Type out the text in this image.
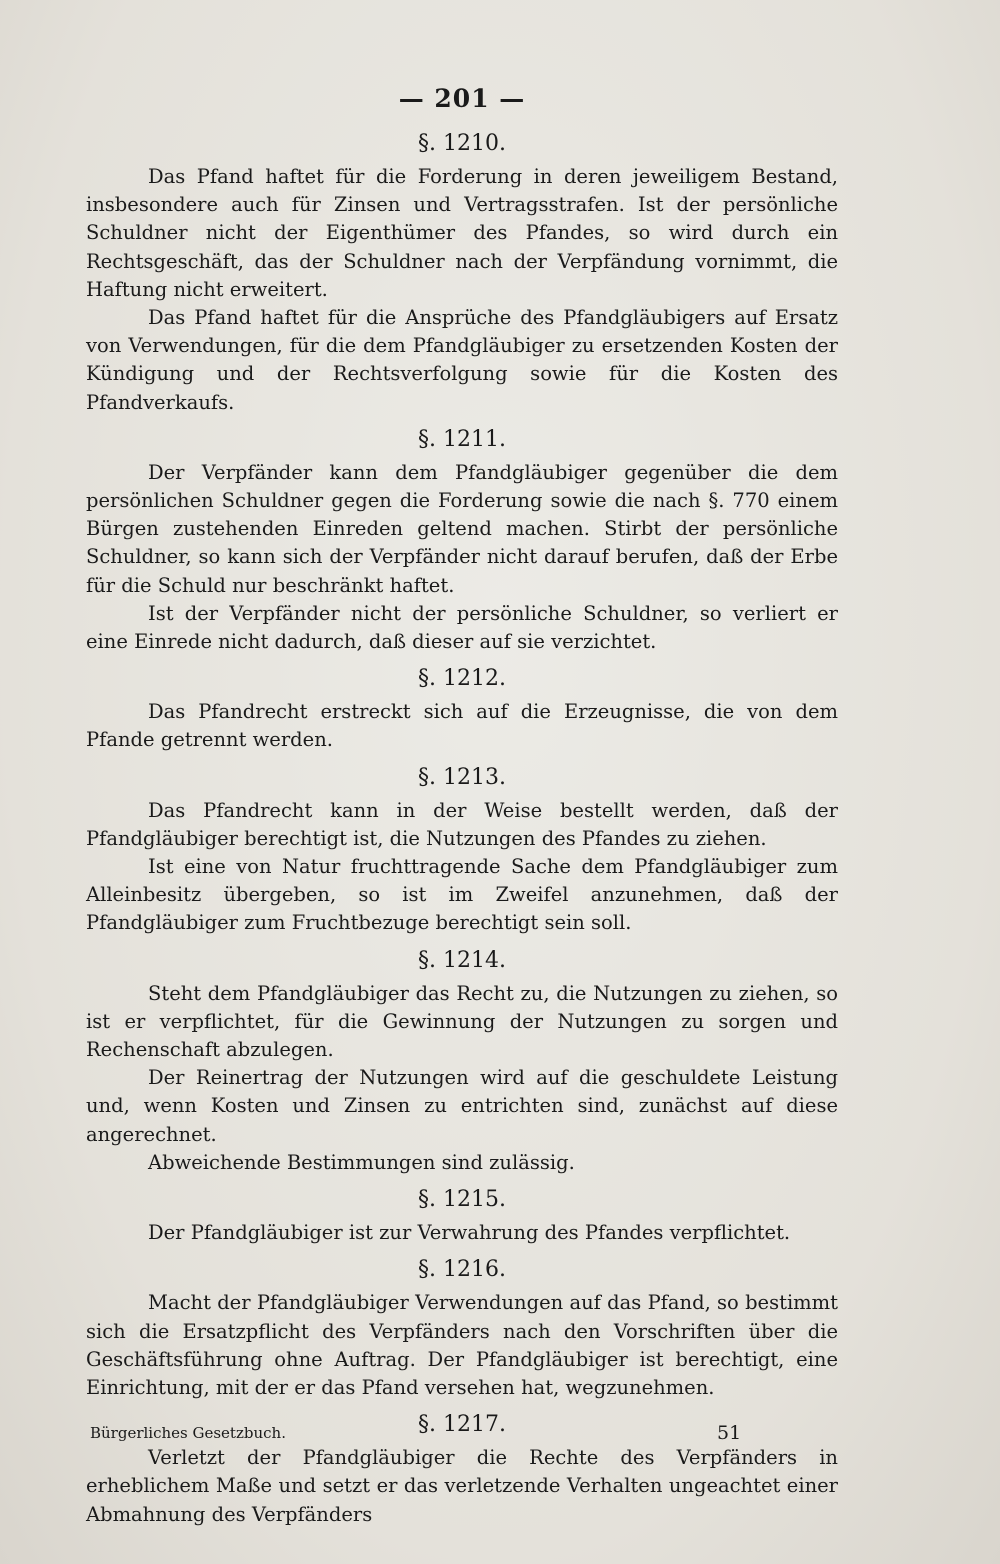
— 201 —
§. 1210.

Das Pfand haftet für die Forderung in deren jeweiligem Bestand, insbesondere auch für Zinsen und Vertragsstrafen. Ist der persönliche Schuldner nicht der Eigenthümer des Pfandes, so wird durch ein Rechtsgeschäft, das der Schuldner nach der Verpfändung vornimmt, die Haftung nicht erweitert.

Das Pfand haftet für die Ansprüche des Pfandgläubigers auf Ersatz von Verwendungen, für die dem Pfandgläubiger zu ersetzenden Kosten der Kündigung und der Rechtsverfolgung sowie für die Kosten des Pfandverkaufs.

§. 1211.

Der Verpfänder kann dem Pfandgläubiger gegenüber die dem persönlichen Schuldner gegen die Forderung sowie die nach §. 770 einem Bürgen zustehenden Einreden geltend machen. Stirbt der persönliche Schuldner, so kann sich der Verpfänder nicht darauf berufen, daß der Erbe für die Schuld nur beschränkt haftet.

Ist der Verpfänder nicht der persönliche Schuldner, so verliert er eine Einrede nicht dadurch, daß dieser auf sie verzichtet.

§. 1212.

Das Pfandrecht erstreckt sich auf die Erzeugnisse, die von dem Pfande getrennt werden.

§. 1213.

Das Pfandrecht kann in der Weise bestellt werden, daß der Pfandgläubiger berechtigt ist, die Nutzungen des Pfandes zu ziehen.

Ist eine von Natur fruchttragende Sache dem Pfandgläubiger zum Alleinbesitz übergeben, so ist im Zweifel anzunehmen, daß der Pfandgläubiger zum Fruchtbezuge berechtigt sein soll.

§. 1214.

Steht dem Pfandgläubiger das Recht zu, die Nutzungen zu ziehen, so ist er verpflichtet, für die Gewinnung der Nutzungen zu sorgen und Rechenschaft abzulegen.

Der Reinertrag der Nutzungen wird auf die geschuldete Leistung und, wenn Kosten und Zinsen zu entrichten sind, zunächst auf diese angerechnet.

Abweichende Bestimmungen sind zulässig.

§. 1215.

Der Pfandgläubiger ist zur Verwahrung des Pfandes verpflichtet.

§. 1216.

Macht der Pfandgläubiger Verwendungen auf das Pfand, so bestimmt sich die Ersatzpflicht des Verpfänders nach den Vorschriften über die Geschäftsführung ohne Auftrag. Der Pfandgläubiger ist berechtigt, eine Einrichtung, mit der er das Pfand versehen hat, wegzunehmen.

§. 1217.

Verletzt der Pfandgläubiger die Rechte des Verpfänders in erheblichem Maße und setzt er das verletzende Verhalten ungeachtet einer Abmahnung des Verpfänders

Bürgerliches Gesetzbuch.	51
